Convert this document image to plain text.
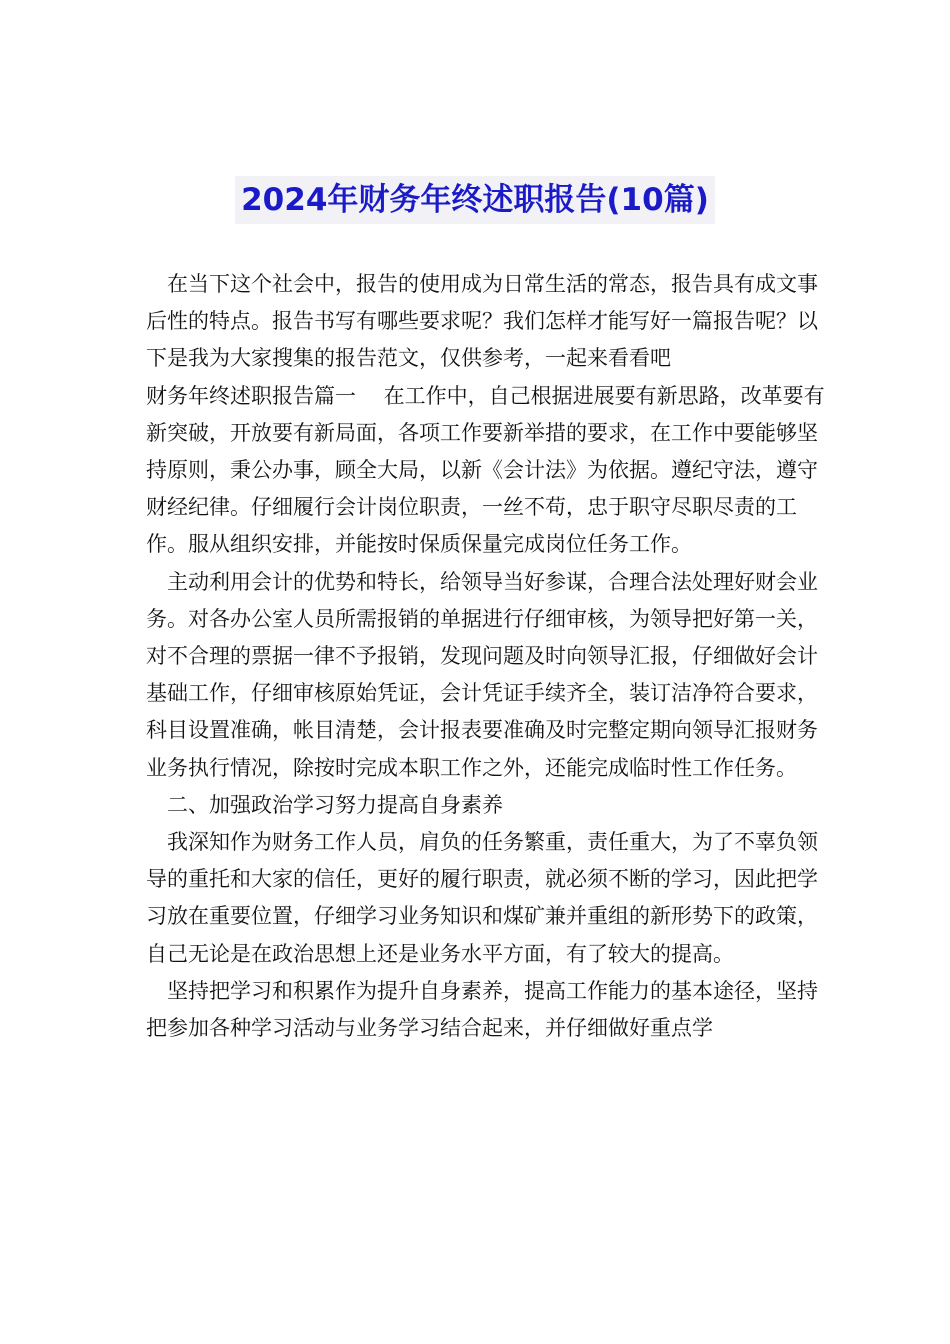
2024年财务年终述职报告(10篇)

在当下这个社会中，报告的使用成为日常生活的常态，报告具有成文事后性的特点。报告书写有哪些要求呢？我们怎样才能写好一篇报告呢？以下是我为大家搜集的报告范文，仅供参考，一起来看看吧

财务年终述职报告篇一　 在工作中，自己根据进展要有新思路，改革要有新突破，开放要有新局面，各项工作要新举措的要求，在工作中要能够坚持原则，秉公办事，顾全大局，以新《会计法》为依据。遵纪守法，遵守财经纪律。仔细履行会计岗位职责，一丝不苟，忠于职守尽职尽责的工作。服从组织安排，并能按时保质保量完成岗位任务工作。

主动利用会计的优势和特长，给领导当好参谋，合理合法处理好财会业务。对各办公室人员所需报销的单据进行仔细审核，为领导把好第一关，对不合理的票据一律不予报销，发现问题及时向领导汇报，仔细做好会计基础工作，仔细审核原始凭证，会计凭证手续齐全，装订洁净符合要求，科目设置准确，帐目清楚，会计报表要准确及时完整定期向领导汇报财务业务执行情况，除按时完成本职工作之外，还能完成临时性工作任务。

二、加强政治学习努力提高自身素养

我深知作为财务工作人员，肩负的任务繁重，责任重大，为了不辜负领导的重托和大家的信任，更好的履行职责，就必须不断的学习，因此把学习放在重要位置，仔细学习业务知识和煤矿兼并重组的新形势下的政策，自己无论是在政治思想上还是业务水平方面，有了较大的提高。

坚持把学习和积累作为提升自身素养，提高工作能力的基本途径，坚持把参加各种学习活动与业务学习结合起来，并仔细做好重点学
